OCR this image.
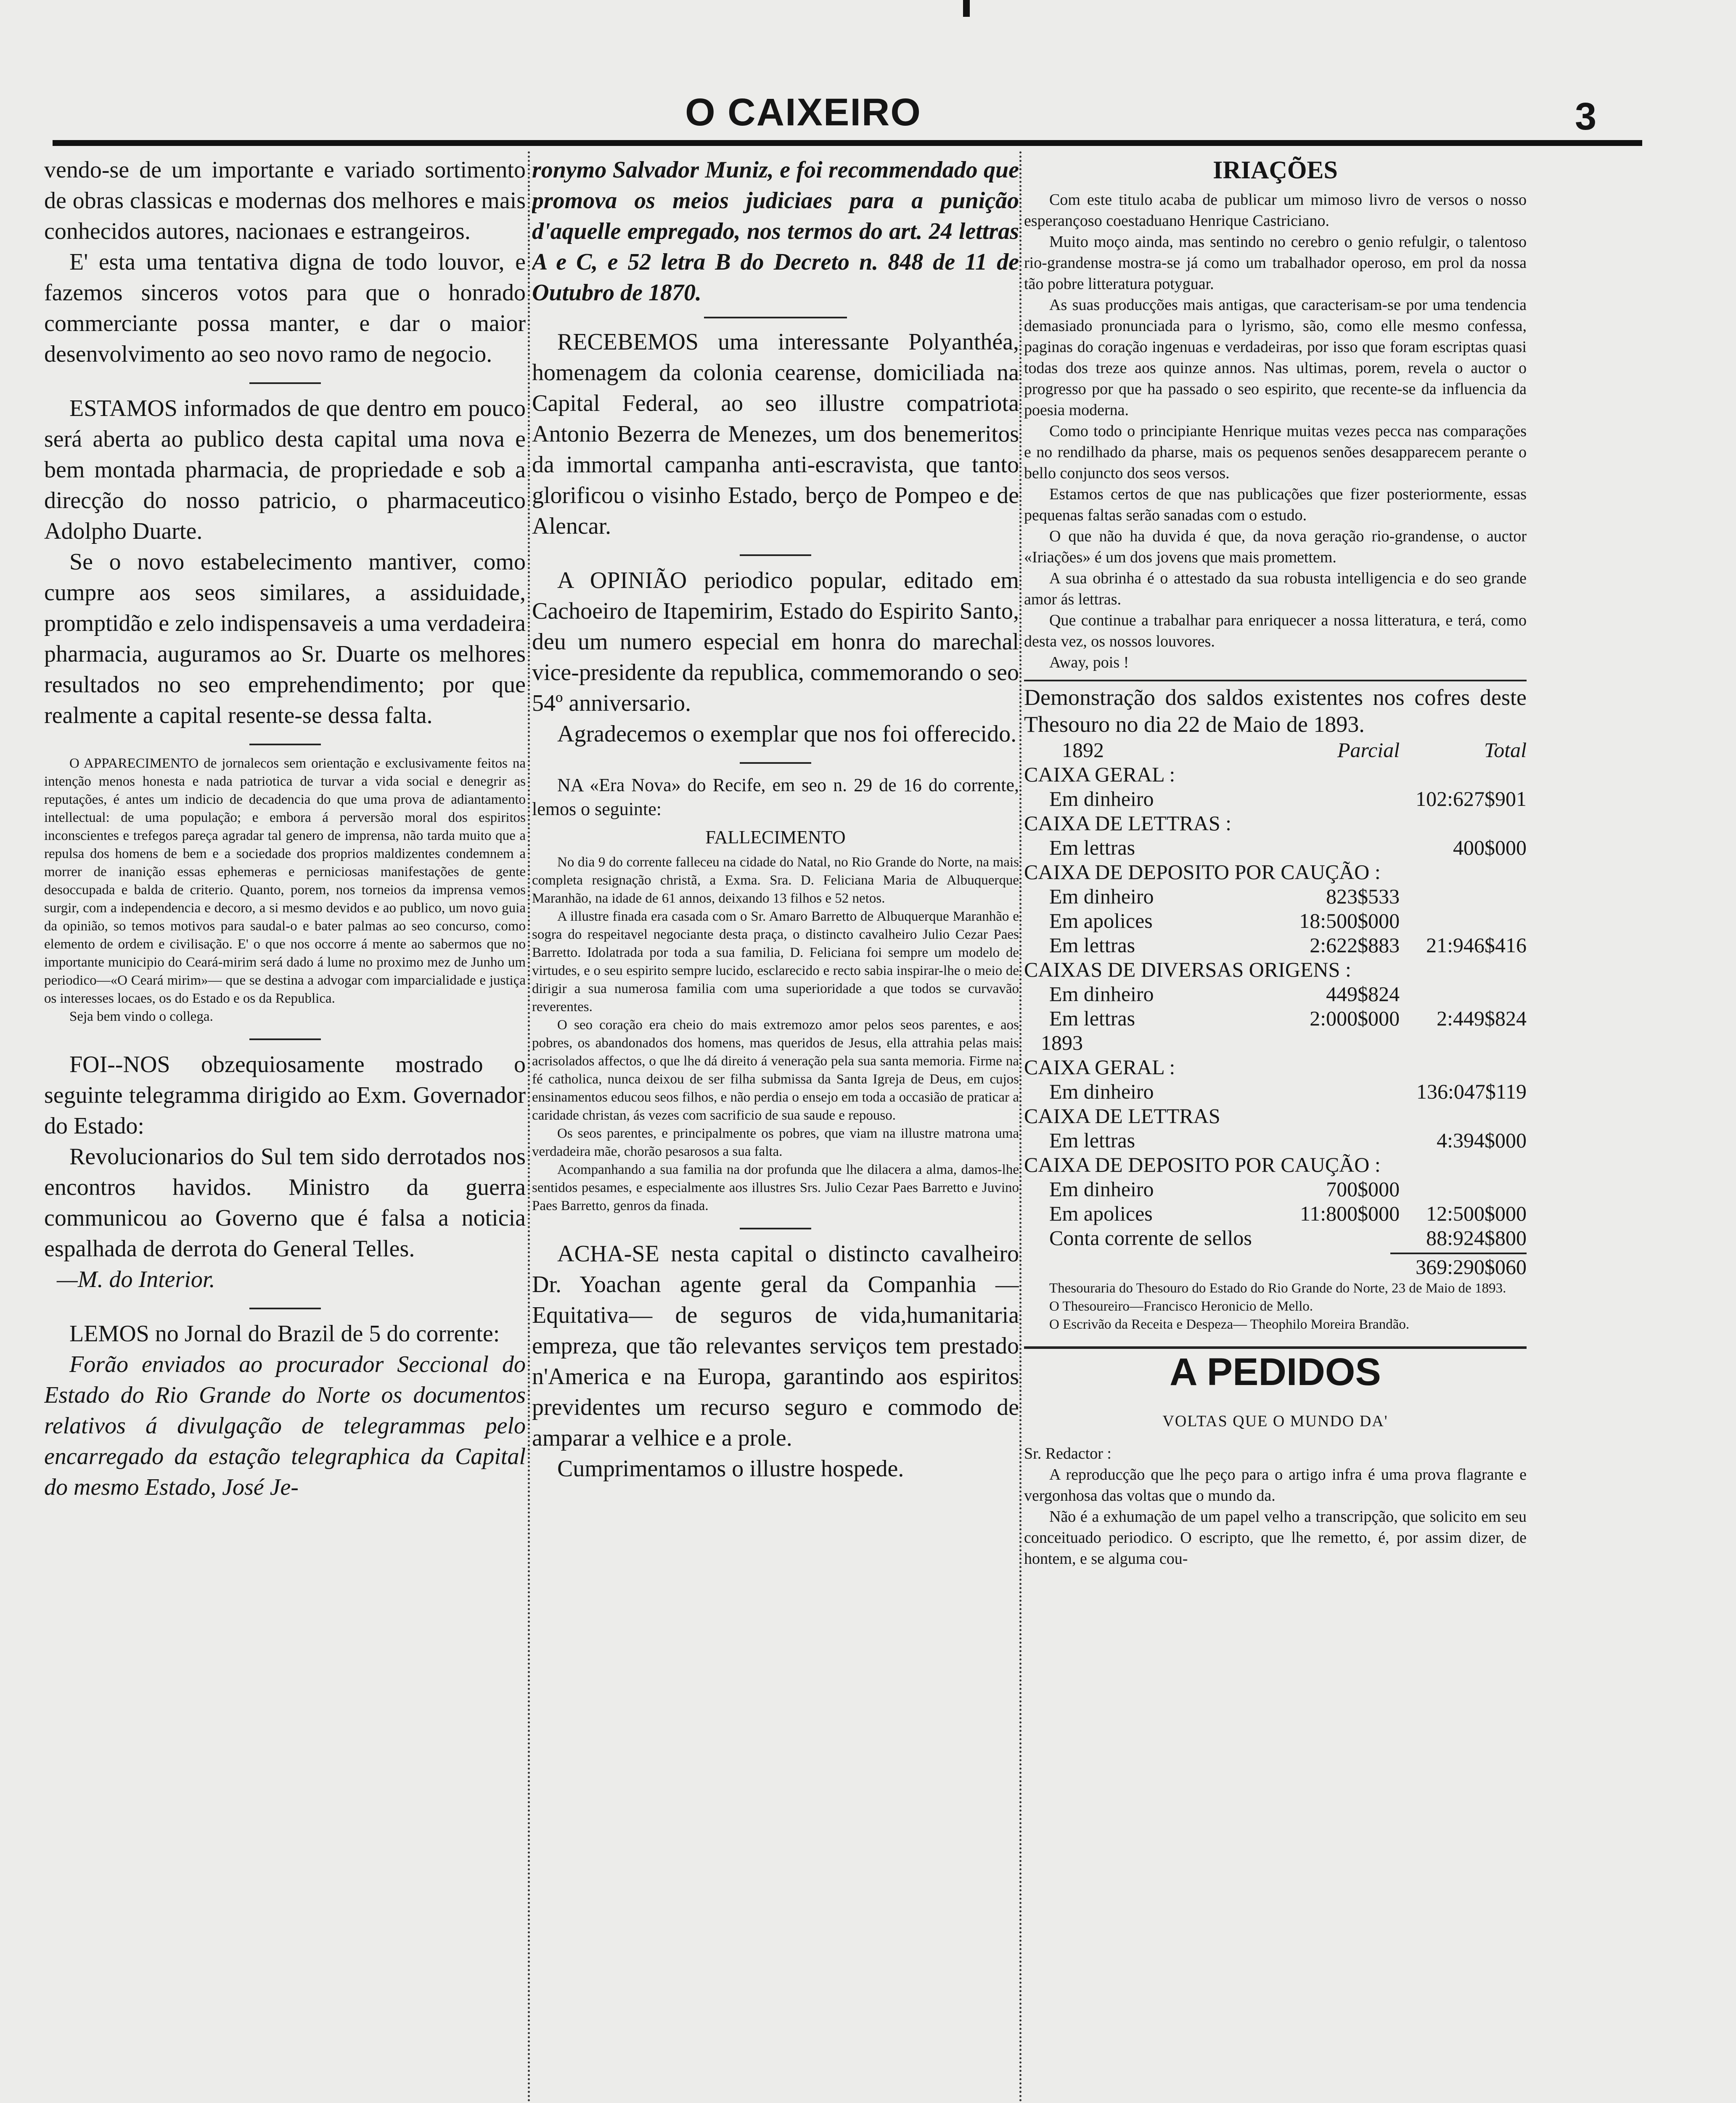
O CAIXEIRO	3

vendo-se de um importante e variado sortimento de obras classicas e modernas dos melhores e mais conhecidos autores, nacionaes e estrangeiros.

E' esta uma tentativa digna de todo louvor, e fazemos sinceros votos para que o honrado commerciante possa manter, e dar o maior desenvolvimento ao seo novo ramo de negocio.

ESTAMOS informados de que dentro em pouco será aberta ao publico desta capital uma nova e bem montada pharmacia, de propriedade e sob a direcção do nosso patricio, o pharmaceutico Adolpho Duarte.

Se o novo estabelecimento mantiver, como cumpre aos seos similares, a assiduidade, promptidão e zelo indispensaveis a uma verdadeira pharmacia, auguramos ao Sr. Duarte os melhores resultados no seo emprehendimento; por que realmente a capital resente-se dessa falta.

O APPARECIMENTO de jornalecos sem orientação e exclusivamente feitos na intenção menos honesta e nada patriotica de turvar a vida social e denegrir as reputações, é antes um indicio de decadencia do que uma prova de adiantamento intellectual: de uma população; e embora á perversão moral dos espiritos inconscientes e trefegos pareça agradar tal genero de imprensa, não tarda muito que a repulsa dos homens de bem e a sociedade dos proprios maldizentes condemnem a morrer de inanição essas ephemeras e perniciosas manifestações de gente desoccupada e balda de criterio. Quanto, porem, nos torneios da imprensa vemos surgir, com a independencia e decoro, a si mesmo devidos e ao publico, um novo guia da opinião, so temos motivos para saudal-o e bater palmas ao seo concurso, como elemento de ordem e civilisação. E' o que nos occorre á mente ao sabermos que no importante municipio do Ceará-mirim será dado á lume no proximo mez de Junho um periodico—«O Ceará mirim»— que se destina a advogar com imparcialidade e justiça os interesses locaes, os do Estado e os da Republica.

Seja bem vindo o collega.

FOI--NOS obzequiosamente mostrado o seguinte telegramma dirigido ao Exm. Governador do Estado:

Revolucionarios do Sul tem sido derrotados nos encontros havidos. Ministro da guerra communicou ao Governo que é falsa a noticia espalhada de derrota do General Telles.

—M. do Interior.

LEMOS no Jornal do Brazil de 5 do corrente:

Forão enviados ao procurador Seccional do Estado do Rio Grande do Norte os documentos relativos á divulgação de telegrammas pelo encarregado da estação telegraphica da Capital do mesmo Estado, José Je-

ronymo Salvador Muniz, e foi recommendado que promova os meios judiciaes para a punição d'aquelle empregado, nos termos do art. 24 lettras A e C, e 52 letra B do Decreto n. 848 de 11 de Outubro de 1870.

RECEBEMOS uma interessante Polyanthéa, homenagem da colonia cearense, domiciliada na Capital Federal, ao seo illustre compatriota Antonio Bezerra de Menezes, um dos benemeritos da immortal campanha anti-escravista, que tanto glorificou o visinho Estado, berço de Pompeo e de Alencar.

A OPINIÃO periodico popular, editado em Cachoeiro de Itapemirim, Estado do Espirito Santo, deu um numero especial em honra do marechal vice-presidente da republica, commemorando o seo 54º anniversario.

Agradecemos o exemplar que nos foi offerecido.

NA «Era Nova» do Recife, em seo n. 29 de 16 do corrente, lemos o seguinte:

FALLECIMENTO

No dia 9 do corrente falleceu na cidade do Natal, no Rio Grande do Norte, na mais completa resignação christã, a Exma. Sra. D. Feliciana Maria de Albuquerque Maranhão, na idade de 61 annos, deixando 13 filhos e 52 netos.

A illustre finada era casada com o Sr. Amaro Barretto de Albuquerque Maranhão e sogra do respeitavel negociante desta praça, o distincto cavalheiro Julio Cezar Paes Barretto. Idolatrada por toda a sua familia, D. Feliciana foi sempre um modelo de virtudes, e o seu espirito sempre lucido, esclarecido e recto sabia inspirar-lhe o meio de dirigir a sua numerosa familia com uma superioridade a que todos se curvavão reverentes.

O seo coração era cheio do mais extremozo amor pelos seos parentes, e aos pobres, os abandonados dos homens, mas queridos de Jesus, ella attrahia pelas mais acrisolados affectos, o que lhe dá direito á veneração pela sua santa memoria. Firme na fé catholica, nunca deixou de ser filha submissa da Santa Igreja de Deus, em cujos ensinamentos educou seos filhos, e não perdia o ensejo em toda a occasião de praticar a caridade christan, ás vezes com sacrificio de sua saude e repouso.

Os seos parentes, e principalmente os pobres, que viam na illustre matrona uma verdadeira mãe, chorão pesarosos a sua falta.

Acompanhando a sua familia na dor profunda que lhe dilacera a alma, damos-lhe sentidos pesames, e especialmente aos illustres Srs. Julio Cezar Paes Barretto e Juvino Paes Barretto, genros da finada.

ACHA-SE nesta capital o distincto cavalheiro Dr. Yoachan agente geral da Companhia —Equitativa— de seguros de vida,humanitaria empreza, que tão relevantes serviços tem prestado n'America e na Europa, garantindo aos espiritos previdentes um recurso seguro e commodo de amparar a velhice e a prole.

Cumprimentamos o illustre hospede.

IRIAÇÕES

Com este titulo acaba de publicar um mimoso livro de versos o nosso esperançoso coestaduano Henrique Castriciano.

Muito moço ainda, mas sentindo no cerebro o genio refulgir, o talentoso rio-grandense mostra-se já como um trabalhador operoso, em prol da nossa tão pobre litteratura potyguar.

As suas producções mais antigas, que caracterisam-se por uma tendencia demasiado pronunciada para o lyrismo, são, como elle mesmo confessa, paginas do coração ingenuas e verdadeiras, por isso que foram escriptas quasi todas dos treze aos quinze annos. Nas ultimas, porem, revela o auctor o progresso por que ha passado o seo espirito, que recente-se da influencia da poesia moderna.

Como todo o principiante Henrique muitas vezes pecca nas comparações e no rendilhado da pharse, mais os pequenos senões desapparecem perante o bello conjuncto dos seos versos.

Estamos certos de que nas publicações que fizer posteriormente, essas pequenas faltas serão sanadas com o estudo.

O que não ha duvida é que, da nova geração rio-grandense, o auctor «Iriações» é um dos jovens que mais promettem.

A sua obrinha é o attestado da sua robusta intelligencia e do seo grande amor ás lettras.

Que continue a trabalhar para enriquecer a nossa litteratura, e terá, como desta vez, os nossos louvores.

Away, pois !

Demonstração dos saldos existentes nos cofres deste Thesouro no dia 22 de Maio de 1893.

1892	Parcial	Total
CAIXA GERAL :		
Em dinheiro		102:627$901
CAIXA DE LETTRAS :		
Em lettras		400$000
CAIXA DE DEPOSITO POR CAUÇÃO :		
Em dinheiro	823$533	
Em apolices	18:500$000	
Em lettras	2:622$883	21:946$416
CAIXAS DE DIVERSAS ORIGENS :		
Em dinheiro	449$824	
Em lettras	2:000$000	2:449$824
1893		
CAIXA GERAL :		
Em dinheiro		136:047$119
CAIXA DE LETTRAS		
Em lettras		4:394$000
CAIXA DE DEPOSITO POR CAUÇÃO :		
Em dinheiro	700$000	
Em apolices	11:800$000	12:500$000
Conta corrente de sellos		88:924$800
369:290$060

Thesouraria do Thesouro do Estado do Rio Grande do Norte, 23 de Maio de 1893.

O Thesoureiro—Francisco Heronicio de Mello.

O Escrivão da Receita e Despeza— Theophilo Moreira Brandão.

A PEDIDOS
VOLTAS QUE O MUNDO DA'

Sr. Redactor :

A reproducção que lhe peço para o artigo infra é uma prova flagrante e vergonhosa das voltas que o mundo da.

Não é a exhumação de um papel velho a transcripção, que solicito em seu conceituado periodico. O escripto, que lhe remetto, é, por assim dizer, de hontem, e se alguma cou-
